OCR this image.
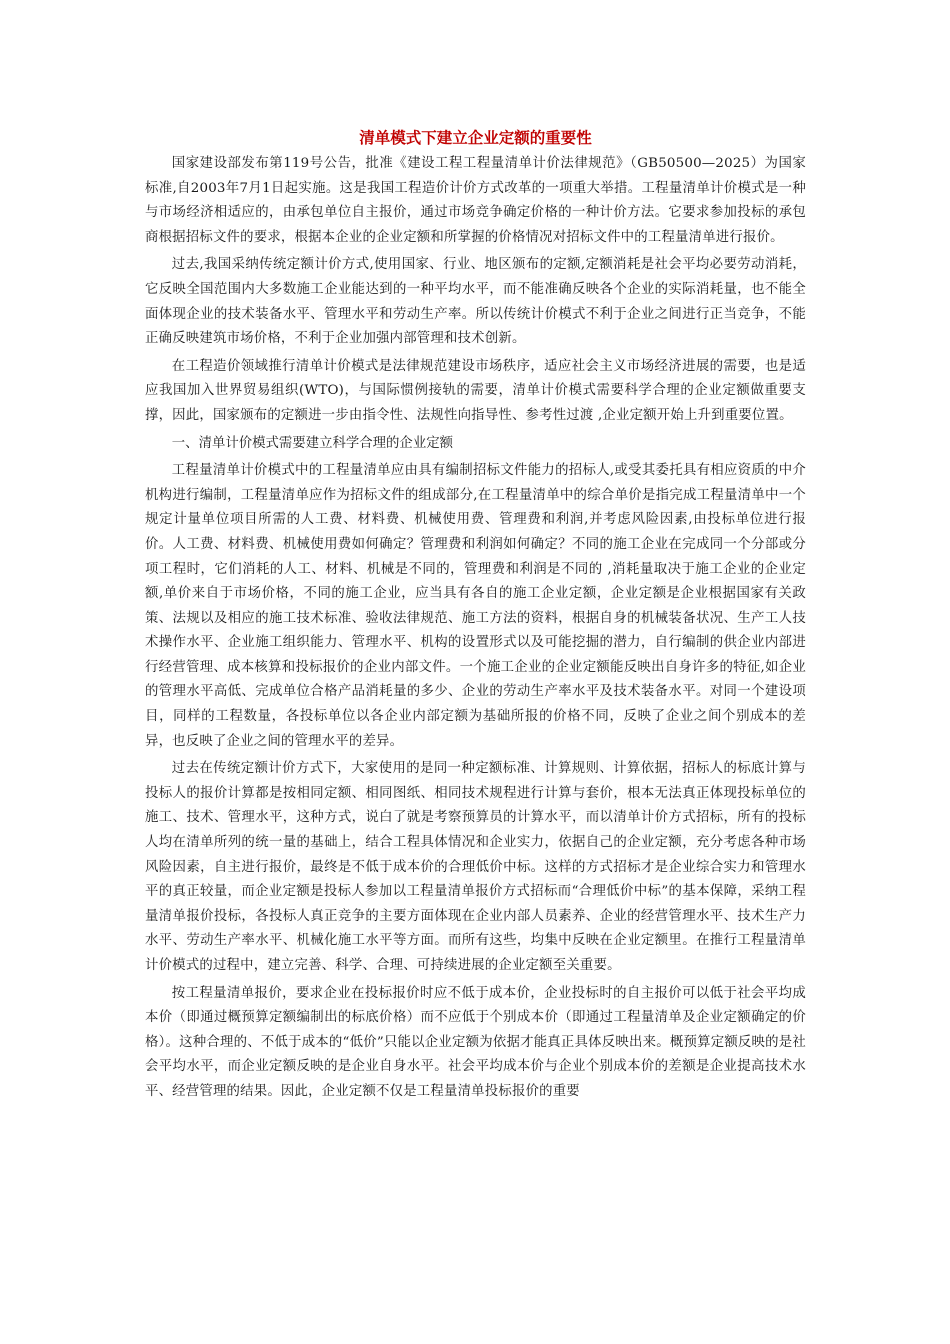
清单模式下建立企业定额的重要性

国家建设部发布第119号公告，批准《建设工程工程量清单计价法律规范》（GB50500—2025）为国家标准,自2003年7月1日起实施。这是我国工程造价计价方式改革的一项重大举措。工程量清单计价模式是一种与市场经济相适应的，由承包单位自主报价，通过市场竞争确定价格的一种计价方法。它要求参加投标的承包商根据招标文件的要求，根据本企业的企业定额和所掌握的价格情况对招标文件中的工程量清单进行报价。

过去,我国采纳传统定额计价方式,使用国家、行业、地区颁布的定额,定额消耗是社会平均必要劳动消耗，它反映全国范围内大多数施工企业能达到的一种平均水平，而不能准确反映各个企业的实际消耗量，也不能全面体现企业的技术装备水平、管理水平和劳动生产率。所以传统计价模式不利于企业之间进行正当竞争，不能正确反映建筑市场价格，不利于企业加强内部管理和技术创新。

在工程造价领域推行清单计价模式是法律规范建设市场秩序，适应社会主义市场经济进展的需要，也是适应我国加入世界贸易组织(WTO)，与国际惯例接轨的需要，清单计价模式需要科学合理的企业定额做重要支撑，因此，国家颁布的定额进一步由指令性、法规性向指导性、参考性过渡 ,企业定额开始上升到重要位置。

一、清单计价模式需要建立科学合理的企业定额

工程量清单计价模式中的工程量清单应由具有编制招标文件能力的招标人,或受其委托具有相应资质的中介机构进行编制，工程量清单应作为招标文件的组成部分,在工程量清单中的综合单价是指完成工程量清单中一个规定计量单位项目所需的人工费、材料费、机械使用费、管理费和利润,并考虑风险因素,由投标单位进行报价。人工费、材料费、机械使用费如何确定？管理费和利润如何确定？不同的施工企业在完成同一个分部或分项工程时，它们消耗的人工、材料、机械是不同的，管理费和利润是不同的 ,消耗量取决于施工企业的企业定额,单价来自于市场价格，不同的施工企业，应当具有各自的施工企业定额，企业定额是企业根据国家有关政策、法规以及相应的施工技术标准、验收法律规范、施工方法的资料，根据自身的机械装备状况、生产工人技术操作水平、企业施工组织能力、管理水平、机构的设置形式以及可能挖掘的潜力，自行编制的供企业内部进行经营管理、成本核算和投标报价的企业内部文件。一个施工企业的企业定额能反映出自身许多的特征,如企业的管理水平高低、完成单位合格产品消耗量的多少、企业的劳动生产率水平及技术装备水平。对同一个建设项目，同样的工程数量，各投标单位以各企业内部定额为基础所报的价格不同，反映了企业之间个别成本的差异，也反映了企业之间的管理水平的差异。

过去在传统定额计价方式下，大家使用的是同一种定额标准、计算规则、计算依据，招标人的标底计算与投标人的报价计算都是按相同定额、相同图纸、相同技术规程进行计算与套价，根本无法真正体现投标单位的施工、技术、管理水平，这种方式，说白了就是考察预算员的计算水平，而以清单计价方式招标，所有的投标人均在清单所列的统一量的基础上，结合工程具体情况和企业实力，依据自己的企业定额，充分考虑各种市场风险因素，自主进行报价，最终是不低于成本价的合理低价中标。这样的方式招标才是企业综合实力和管理水平的真正较量，而企业定额是投标人参加以工程量清单报价方式招标而“合理低价中标”的基本保障，采纳工程量清单报价投标，各投标人真正竞争的主要方面体现在企业内部人员素养、企业的经营管理水平、技术生产力水平、劳动生产率水平、机械化施工水平等方面。而所有这些，均集中反映在企业定额里。在推行工程量清单计价模式的过程中，建立完善、科学、合理、可持续进展的企业定额至关重要。

按工程量清单报价，要求企业在投标报价时应不低于成本价，企业投标时的自主报价可以低于社会平均成本价（即通过概预算定额编制出的标底价格）而不应低于个别成本价（即通过工程量清单及企业定额确定的价格）。这种合理的、不低于成本的“低价”只能以企业定额为依据才能真正具体反映出来。概预算定额反映的是社会平均水平，而企业定额反映的是企业自身水平。社会平均成本价与企业个别成本价的差额是企业提高技术水平、经营管理的结果。因此，企业定额不仅是工程量清单投标报价的重要
